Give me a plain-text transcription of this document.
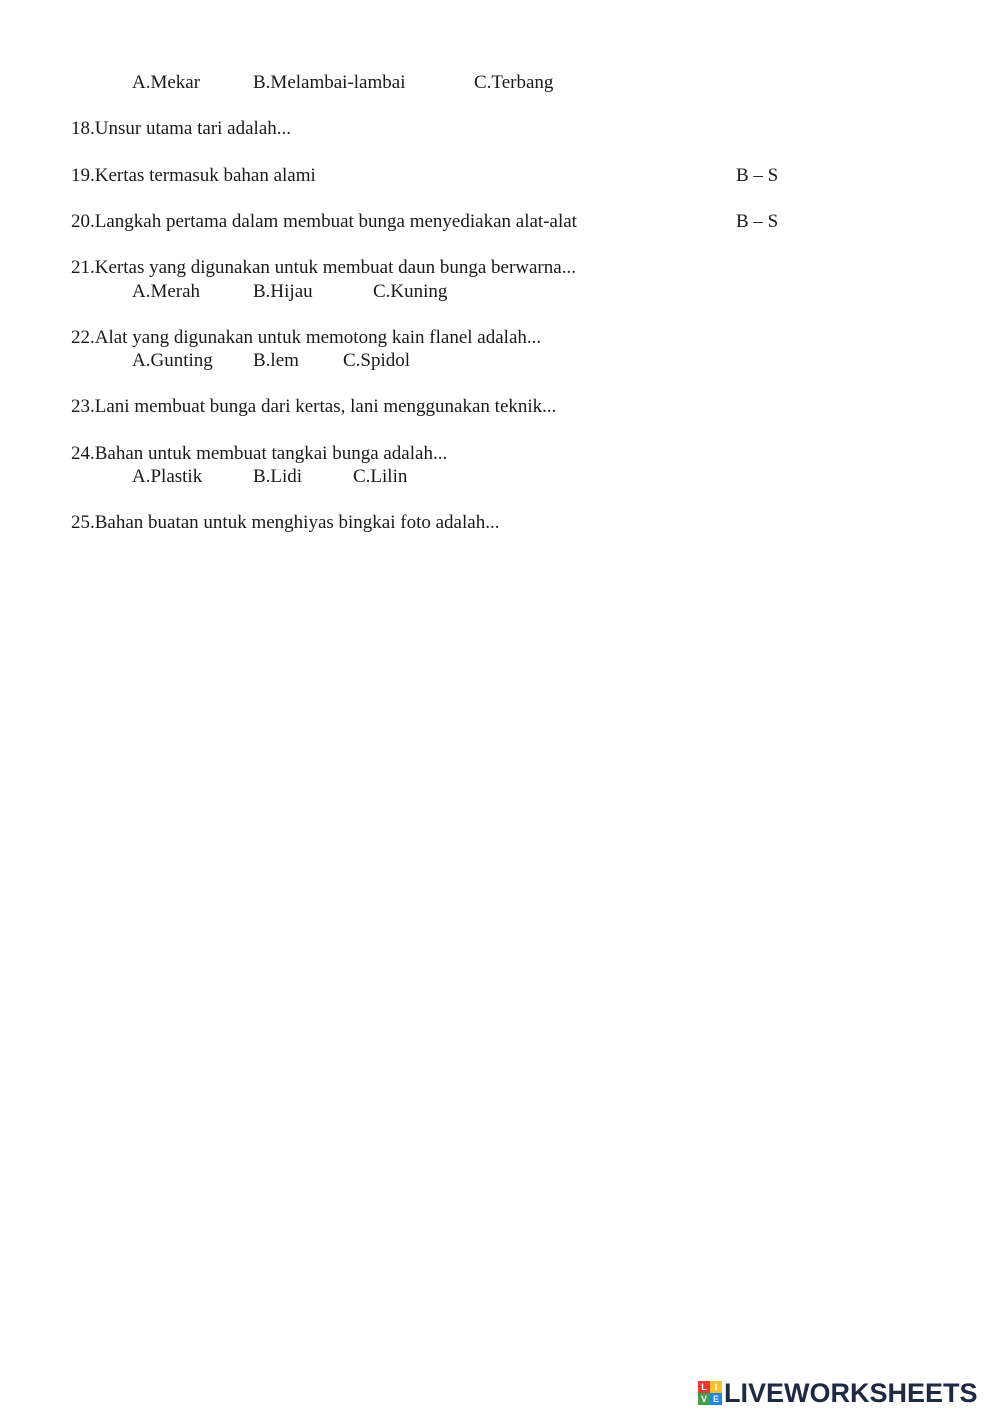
A.Mekar	B.Melambai-lambai	C.Terbang
18.Unsur utama tari adalah...
19.Kertas termasuk bahan alami	B – S
20.Langkah pertama dalam membuat bunga menyediakan alat-alat	B – S
21.Kertas yang digunakan untuk membuat daun bunga berwarna...
A.Merah	B.Hijau	C.Kuning
22.Alat yang digunakan untuk memotong kain flanel adalah...
A.Gunting B.lem C.Spidol
23.Lani membuat bunga dari kertas, lani menggunakan teknik...
24.Bahan untuk membuat tangkai bunga adalah...
A.Plastik	B.Lidi	C.Lilin
25.Bahan buatan untuk menghiyas bingkai foto adalah...
L I
V E LIVEWORKSHEETS
